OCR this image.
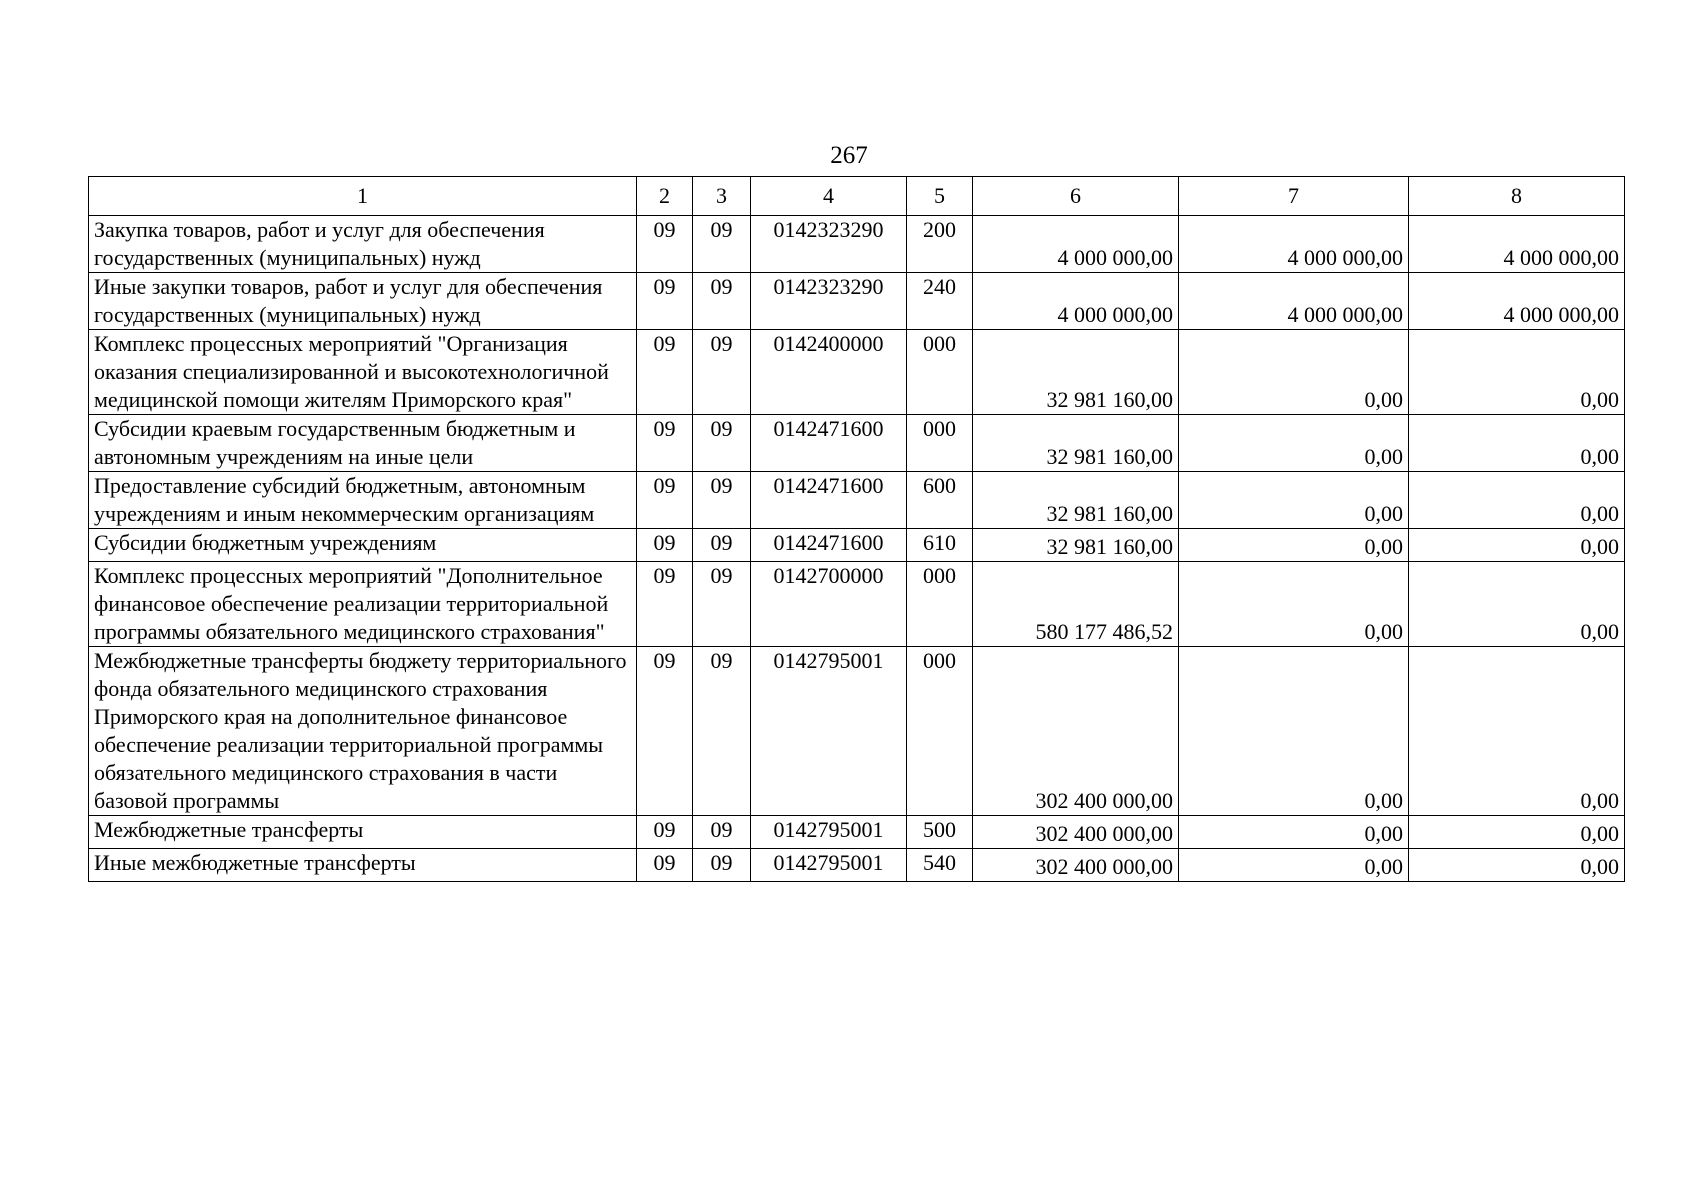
267
1	2	3	4	5	6	7	8
Закупка товаров, работ и услуг для обеспечения государственных (муниципальных) нужд	09	09	0142323290	200	4 000 000,00	4 000 000,00	4 000 000,00
Иные закупки товаров, работ и услуг для обеспечения государственных (муниципальных) нужд	09	09	0142323290	240	4 000 000,00	4 000 000,00	4 000 000,00
Комплекс процессных мероприятий "Организация оказания специализированной и высокотехнологичной медицинской помощи жителям Приморского края"	09	09	0142400000	000	32 981 160,00	0,00	0,00
Субсидии краевым государственным бюджетным и автономным учреждениям на иные цели	09	09	0142471600	000	32 981 160,00	0,00	0,00
Предоставление субсидий бюджетным, автономным учреждениям и иным некоммерческим организациям	09	09	0142471600	600	32 981 160,00	0,00	0,00
Субсидии бюджетным учреждениям	09	09	0142471600	610	32 981 160,00	0,00	0,00
Комплекс процессных мероприятий "Дополнительное финансовое обеспечение реализации территориальной программы обязательного медицинского страхования"	09	09	0142700000	000	580 177 486,52	0,00	0,00
Межбюджетные трансферты бюджету территориального фонда обязательного медицинского страхования Приморского края на дополнительное финансовое обеспечение реализации территориальной программы обязательного медицинского страхования в части базовой программы	09	09	0142795001	000	302 400 000,00	0,00	0,00
Межбюджетные трансферты	09	09	0142795001	500	302 400 000,00	0,00	0,00
Иные межбюджетные трансферты	09	09	0142795001	540	302 400 000,00	0,00	0,00
